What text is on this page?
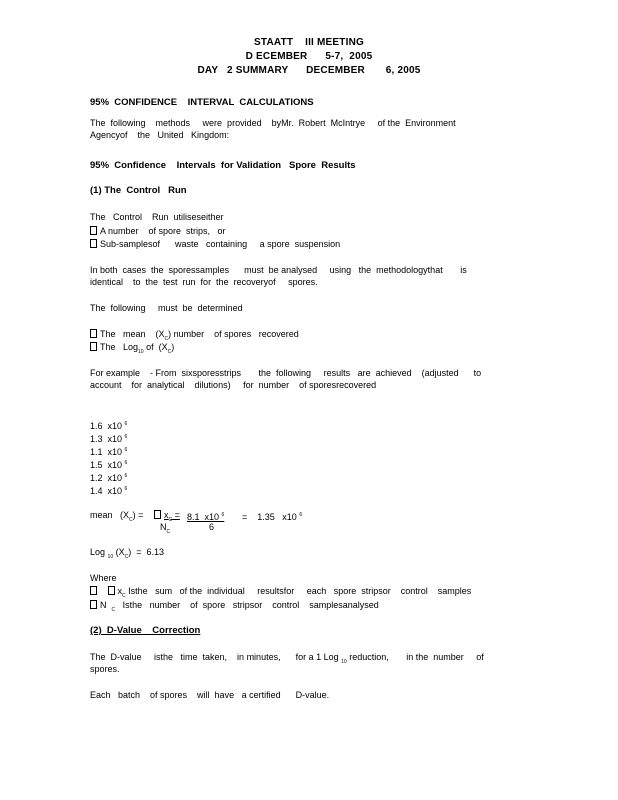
STAATT    III MEETING
D ECEMBER      5-7,  2005
DAY   2 SUMMARY      DECEMBER       6, 2005
95%  CONFIDENCE    INTERVAL  CALCULATIONS
The  following    methods     were  provided    byMr.  Robert  McIntrye     of the  Environment
Agencyof    the   United   Kingdom:
95%  Confidence    Intervals  for Validation   Spore  Results
(1) The  Control   Run
The   Control    Run  utiliseseither
A number    of spore  strips,   or
Sub-samplesof      waste   containing     a spore  suspension
In both  cases  the  sporessamples      must  be analysed     using   the  methodologythat       is
identical    to  the  test  run  for  the  recoveryof     spores.
The  following     must  be  determined
The   mean    $(X_C)$ number    of spores   recovered
The   Log$_{10}$ of  $(X_C)$
For example    - From  sixsporesstrips       the  following     results   are  achieved    (adjusted      to
account    for  analytical    dilutions)     for  number    of sporesrecovered
1.6  x10 $^6$
1.3  x10 $^6$
1.1  x10 $^6$
1.5  x10 $^6$
1.2  x10 $^6$
1.4  x10 $^6$
mean   $(X_C)$ =	$x_C = 8.1$  x10 $^6$ =    1.35   x10 $^6$
$N_C$	6
Log $_{10}$ $(X_C) = 6.13$
Where
$x_C$ Isthe   sum   of the  individual     resultsfor     each   spore  stripsor    control    samples
N $_C$   Isthe   number    of  spore   stripsor    control    samplesanalysed
(2)  D-Value    Correction
The  D-value     isthe   time  taken,    in minutes,      for a 1 Log $_{10}$ reduction,       in the  number     of
spores.
Each   batch    of spores    will  have   a certified      D-value.
